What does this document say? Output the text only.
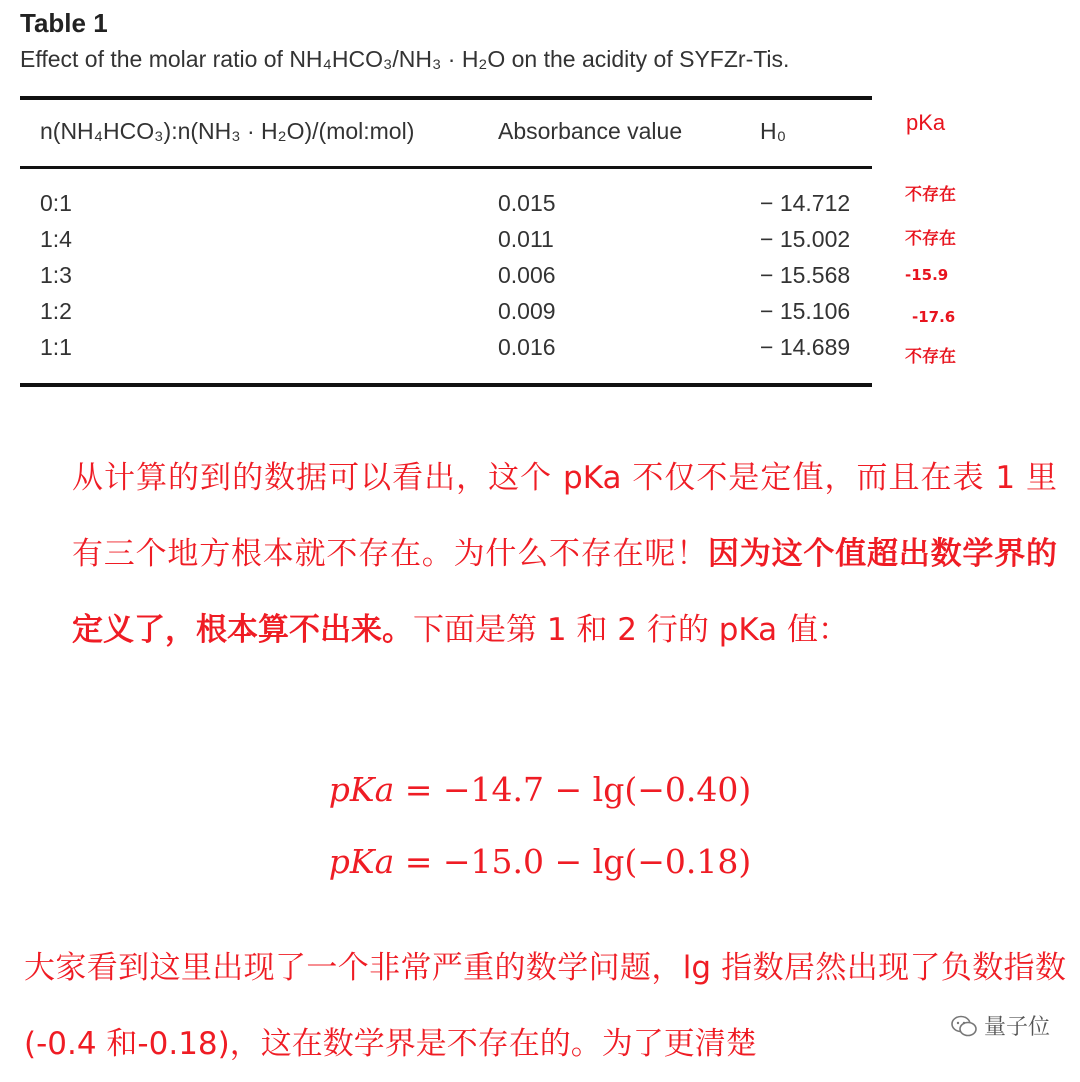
Table 1
Effect of the molar ratio of NH₄HCO₃/NH₃ · H₂O on the acidity of SYFZr-Tis.
n(NH₄HCO₃):n(NH₃ · H₂O)/(mol:mol)	Absorbance value	H₀	pKa
0:1	0.015	− 14.712	不存在
1:4	0.011	− 15.002	不存在
1:3	0.006	− 15.568	-15.9
1:2	0.009	− 15.106	-17.6
1:1	0.016	− 14.689	不存在
从计算的到的数据可以看出，这个 pKa 不仅不是定值，而且在表 1 里有三个地方根本就不存在。为什么不存在呢！因为这个值超出数学界的定义了，根本算不出来。下面是第 1 和 2 行的 pKa 值：
pKa = −14.7 − lg(−0.40)
pKa = −15.0 − lg(−0.18)
大家看到这里出现了一个非常严重的数学问题，lg 指数居然出现了负数指数(-0.4 和-0.18)，这在数学界是不存在的。为了更清楚	量子位
